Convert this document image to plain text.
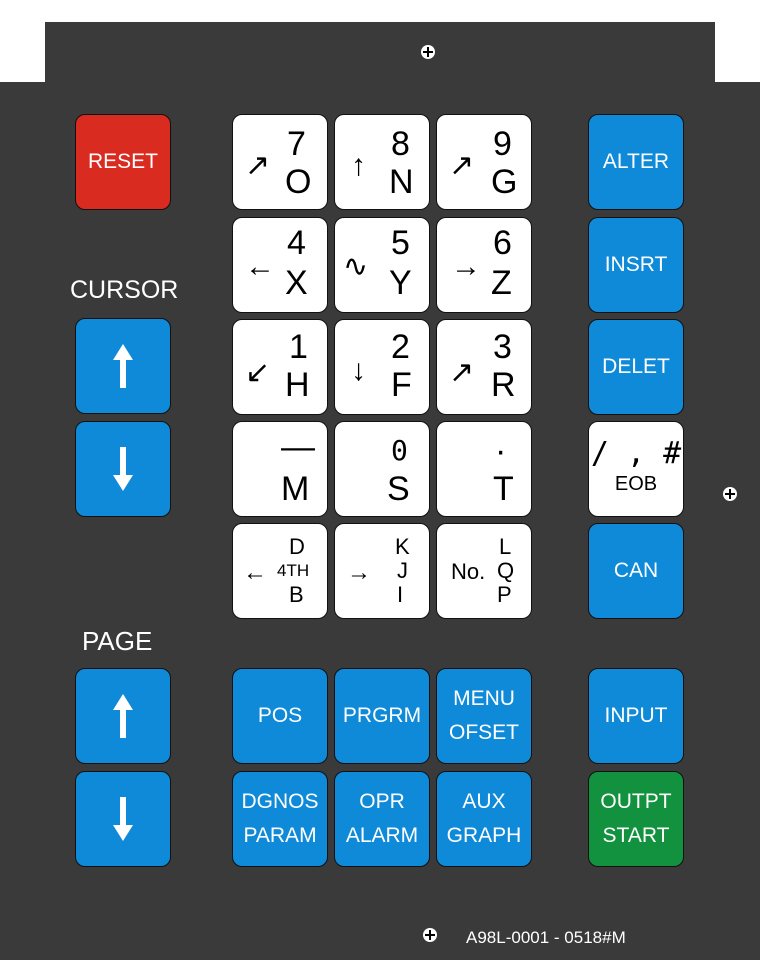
RESET
CURSOR
PAGE
↗
7
O ↑
8
N ↗
9
G
←
4
X ∿
5
Y →
6
Z
↙
1
H ↓
2
F ↗
3
R
—
M
0
S
·
T
←
D
4TH
B
→
K
J
I
No.
L
Q
P
ALTER
INSRT
DELET
/ , #
EOB
CAN
INPUT
OUTPT
START
POS PRGRM
MENU
OFSET
DGNOS
PARAM
OPR
ALARM
AUX
GRAPH
A98L-0001 - 0518#M
